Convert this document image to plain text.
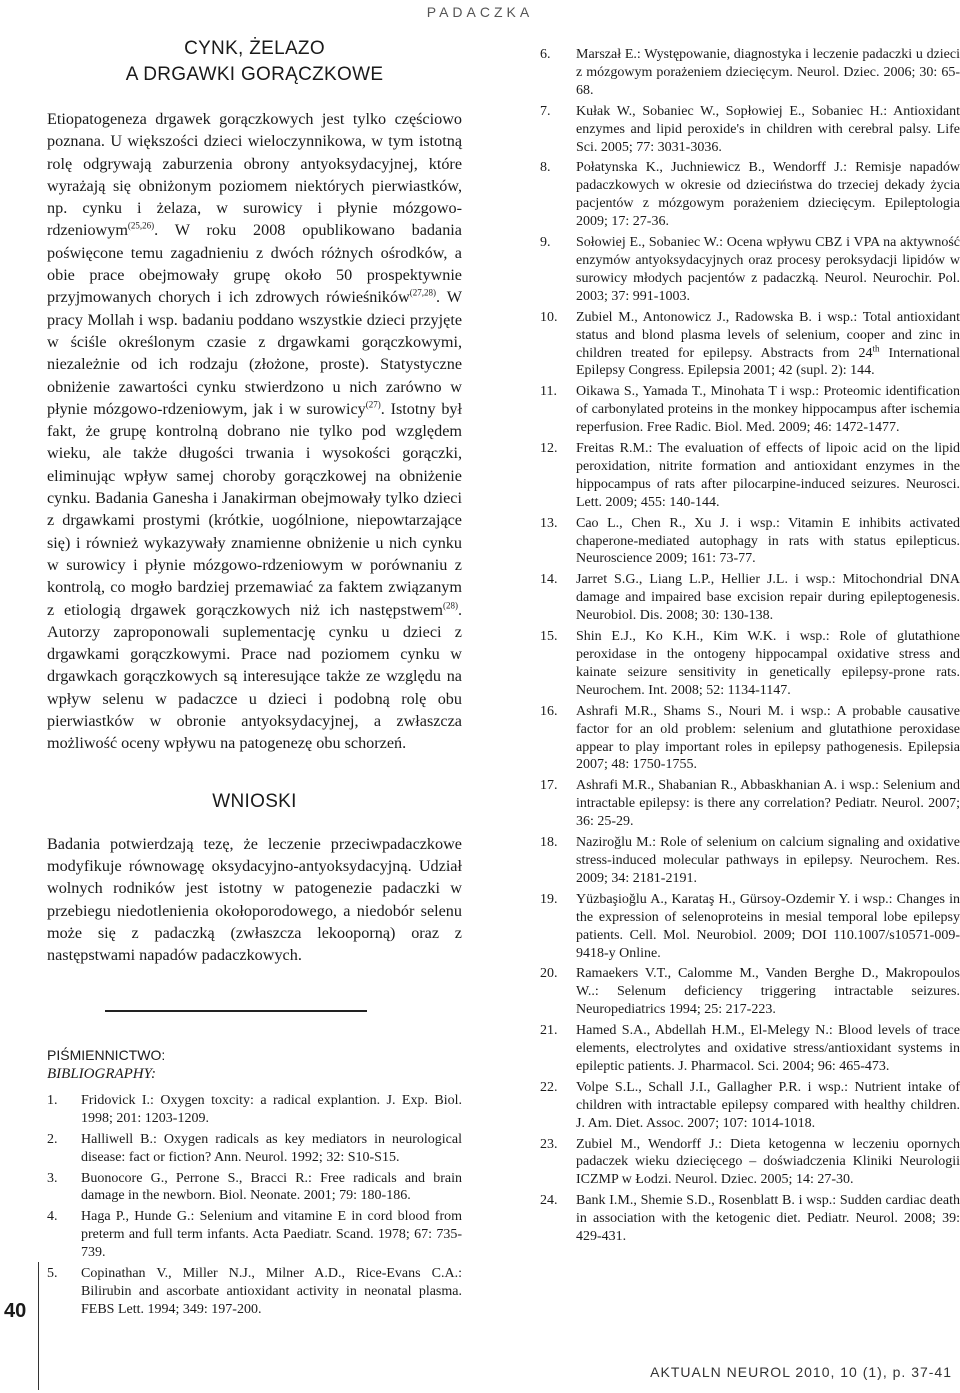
PADACZKA
CYNK, ŻELAZO
A DRGAWKI GORĄCZKOWE

Etiopatogeneza drgawek gorączkowych jest tylko częściowo poznana. U większości dzieci wieloczynnikowa, w tym istotną rolę odgrywają zaburzenia obrony antyoksydacyjnej, które wyrażają się obniżonym poziomem niektórych pierwiastków, np. cynku i żelaza, w surowicy i płynie mózgowo-rdzeniowym$^{(25,26)}$. W roku 2008 opublikowano badania poświęcone temu zagadnieniu z dwóch różnych ośrodków, a obie prace obejmowały grupę około 50 prospektywnie przyjmowanych chorych i ich zdrowych rówieśników$^{(27,28)}$. W pracy Mollah i wsp. badaniu poddano wszystkie dzieci przyjęte w ściśle określonym czasie z drgawkami gorączkowymi, niezależnie od ich rodzaju (złożone, proste). Statystyczne obniżenie zawartości cynku stwierdzono u nich zarówno w płynie mózgowo-rdzeniowym, jak i w surowicy$^{(27)}$. Istotny był fakt, że grupę kontrolną dobrano nie tylko pod względem wieku, ale także długości trwania i wysokości gorączki, eliminując wpływ samej choroby gorączkowej na obniżenie cynku. Badania Ganesha i Janakirman obejmowały tylko dzieci z drgawkami prostymi (krótkie, uogólnione, niepowtarzające się) i również wykazywały znamienne obniżenie u nich cynku w surowicy i płynie mózgowo-rdzeniowym w porównaniu z kontrolą, co mogło bardziej przemawiać za faktem związanym z etiologią drgawek gorączkowych niż ich następstwem$^{(28)}$. Autorzy zaproponowali suplementację cynku u dzieci z drgawkami gorączkowymi. Prace nad poziomem cynku w drgawkach gorączkowych są interesujące także ze względu na wpływ selenu w padaczce u dzieci i podobną rolę obu pierwiastków w obronie antyoksydacyjnej, a zwłaszcza możliwość oceny wpływu na patogenezę obu schorzeń.

WNIOSKI

Badania potwierdzają tezę, że leczenie przeciwpadaczkowe modyfikuje równowagę oksydacyjno-antyoksydacyjną. Udział wolnych rodników jest istotny w patogenezie padaczki w przebiegu niedotlenienia okołoporodowego, a niedobór selenu może się z padaczką (zwłaszcza lekooporną) oraz z następstwami napadów padaczkowych.

PIŚMIENNICTWO:
BIBLIOGRAPHY:
1.	Fridovick I.: Oxygen toxcity: a radical explantion. J. Exp. Biol. 1998; 201: 1203-1209.
2.	Halliwell B.: Oxygen radicals as key mediators in neurological disease: fact or fiction? Ann. Neurol. 1992; 32: S10-S15.
3.	Buonocore G., Perrone S., Bracci R.: Free radicals and brain damage in the newborn. Biol. Neonate. 2001; 79: 180-186.
4.	Haga P., Hunde G.: Selenium and vitamine E in cord blood from preterm and full term infants. Acta Paediatr. Scand. 1978; 67: 735-739.
5.	Copinathan V., Miller N.J., Milner A.D., Rice-Evans C.A.: Bilirubin and ascorbate antioxidant activity in neonatal plasma. FEBS Lett. 1994; 349: 197-200.
6.	Marszał E.: Występowanie, diagnostyka i leczenie padaczki u dzieci z mózgowym porażeniem dziecięcym. Neurol. Dziec. 2006; 30: 65-68.
7.	Kułak W., Sobaniec W., Sopłowiej E., Sobaniec H.: Antioxidant enzymes and lipid peroxide's in children with cerebral palsy. Life Sci. 2005; 77: 3031-3036.
8.	Połatynska K., Juchniewicz B., Wendorff J.: Remisje napadów padaczkowych w okresie od dzieciństwa do trzeciej dekady życia pacjentów z mózgowym porażeniem dziecięcym. Epileptologia 2009; 17: 27-36.
9.	Sołowiej E., Sobaniec W.: Ocena wpływu CBZ i VPA na aktywność enzymów antyoksydacyjnych oraz procesy peroksydacji lipidów w surowicy młodych pacjentów z padaczką. Neurol. Neurochir. Pol. 2003; 37: 991-1003.
10.	Zubiel M., Antonowicz J., Radowska B. i wsp.: Total antioxidant status and blond plasma levels of selenium, cooper and zinc in children treated for epilepsy. Abstracts from 24th International Epilepsy Congress. Epilepsia 2001; 42 (supl. 2): 144.
11.	Oikawa S., Yamada T., Minohata T i wsp.: Proteomic identification of carbonylated proteins in the monkey hippocampus after ischemia reperfusion. Free Radic. Biol. Med. 2009; 46: 1472-1477.
12.	Freitas R.M.: The evaluation of effects of lipoic acid on the lipid peroxidation, nitrite formation and antioxidant enzymes in the hippocampus of rats after pilocarpine-induced seizures. Neurosci. Lett. 2009; 455: 140-144.
13.	Cao L., Chen R., Xu J. i wsp.: Vitamin E inhibits activated chaperone-mediated autophagy in rats with status epilepticus. Neuroscience 2009; 161: 73-77.
14.	Jarret S.G., Liang L.P., Hellier J.L. i wsp.: Mitochondrial DNA damage and impaired base excision repair during epileptogenesis. Neurobiol. Dis. 2008; 30: 130-138.
15.	Shin E.J., Ko K.H., Kim W.K. i wsp.: Role of glutathione peroxidase in the ontogeny hippocampal oxidative stress and kainate seizure sensitivity in genetically epilepsy-prone rats. Neurochem. Int. 2008; 52: 1134-1147.
16.	Ashrafi M.R., Shams S., Nouri M. i wsp.: A probable causative factor for an old problem: selenium and glutathione peroxidase appear to play important roles in epilepsy pathogenesis. Epilepsia 2007; 48: 1750-1755.
17.	Ashrafi M.R., Shabanian R., Abbaskhanian A. i wsp.: Selenium and intractable epilepsy: is there any correlation? Pediatr. Neurol. 2007; 36: 25-29.
18.	Naziroğlu M.: Role of selenium on calcium signaling and oxidative stress-induced molecular pathways in epilepsy. Neurochem. Res. 2009; 34: 2181-2191.
19.	Yüzbaşioğlu A., Karataş H., Gürsoy-Ozdemir Y. i wsp.: Changes in the expression of selenoproteins in mesial temporal lobe epilepsy patients. Cell. Mol. Neurobiol. 2009; DOI 110.1007/s10571-009-9418-y Online.
20.	Ramaekers V.T., Calomme M., Vanden Berghe D., Makropoulos W..: Selenum deficiency triggering intractable seizures. Neuropediatrics 1994; 25: 217-223.
21.	Hamed S.A., Abdellah H.M., El-Melegy N.: Blood levels of trace elements, electrolytes and oxidative stress/antioxidant systems in epileptic patients. J. Pharmacol. Sci. 2004; 96: 465-473.
22.	Volpe S.L., Schall J.I., Gallagher P.R. i wsp.: Nutrient intake of children with intractable epilepsy compared with healthy children. J. Am. Diet. Assoc. 2007; 107: 1014-1018.
23.	Zubiel M., Wendorff J.: Dieta ketogenna w leczeniu opornych padaczek wieku dziecięcego – doświadczenia Kliniki Neurologii ICZMP w Łodzi. Neurol. Dziec. 2005; 14: 27-30.
24.	Bank I.M., Shemie S.D., Rosenblatt B. i wsp.: Sudden cardiac death in association with the ketogenic diet. Pediatr. Neurol. 2008; 39: 429-431.
40
AKTUALN NEUROL 2010, 10 (1), p. 37-41
